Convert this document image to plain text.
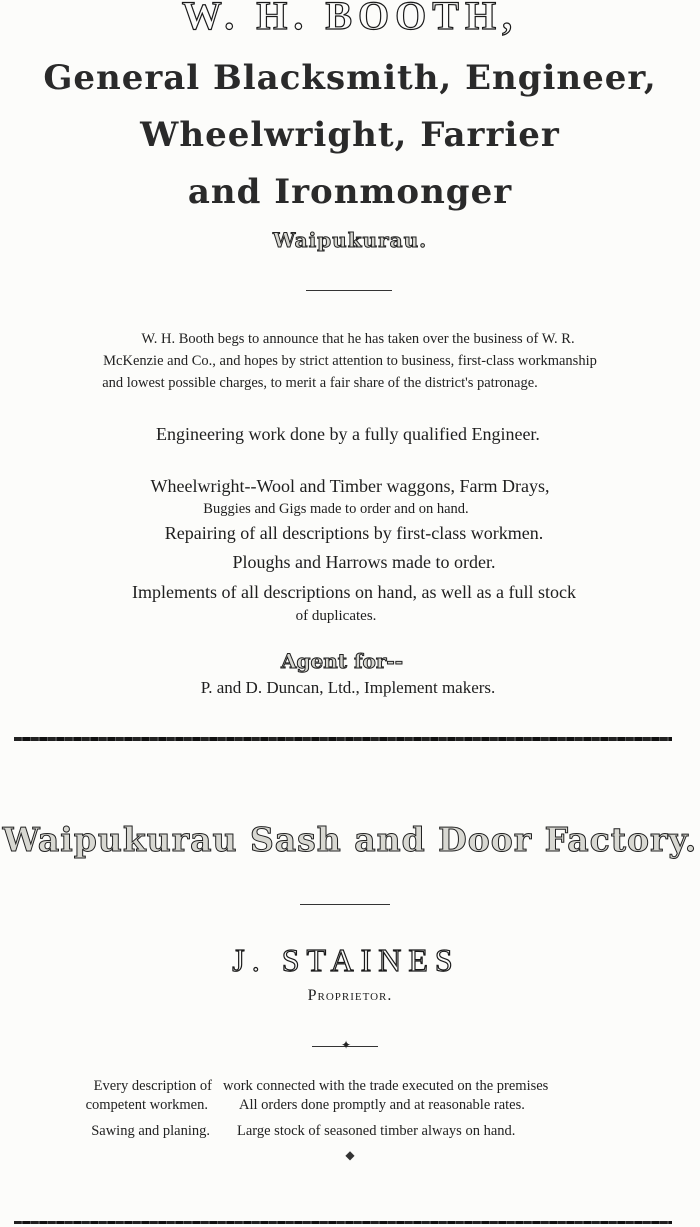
W. H. BOOTH,
General Blacksmith, Engineer,
Wheelwright, Farrier
and Ironmonger
Waipukurau.
W. H. Booth begs to announce that he has taken over the business of W. R.
McKenzie and Co., and hopes by strict attention to business, first-class workmanship
and lowest possible charges, to merit a fair share of the district's patronage.
Engineering work done by a fully qualified Engineer.
Wheelwright--Wool and Timber waggons, Farm Drays,
Buggies and Gigs made to order and on hand.
Repairing of all descriptions by first-class workmen.
Ploughs and Harrows made to order.
Implements of all descriptions on hand, as well as a full stock
of duplicates.
Agent for--
P. and D. Duncan, Ltd., Implement makers.
Waipukurau Sash and Door Factory.
J. STAINES
Proprietor.
✦
Every description of work connected with the trade executed on the premises
competent workmen. All orders done promptly and at reasonable rates.
Sawing and planing. Large stock of seasoned timber always on hand.
◆
